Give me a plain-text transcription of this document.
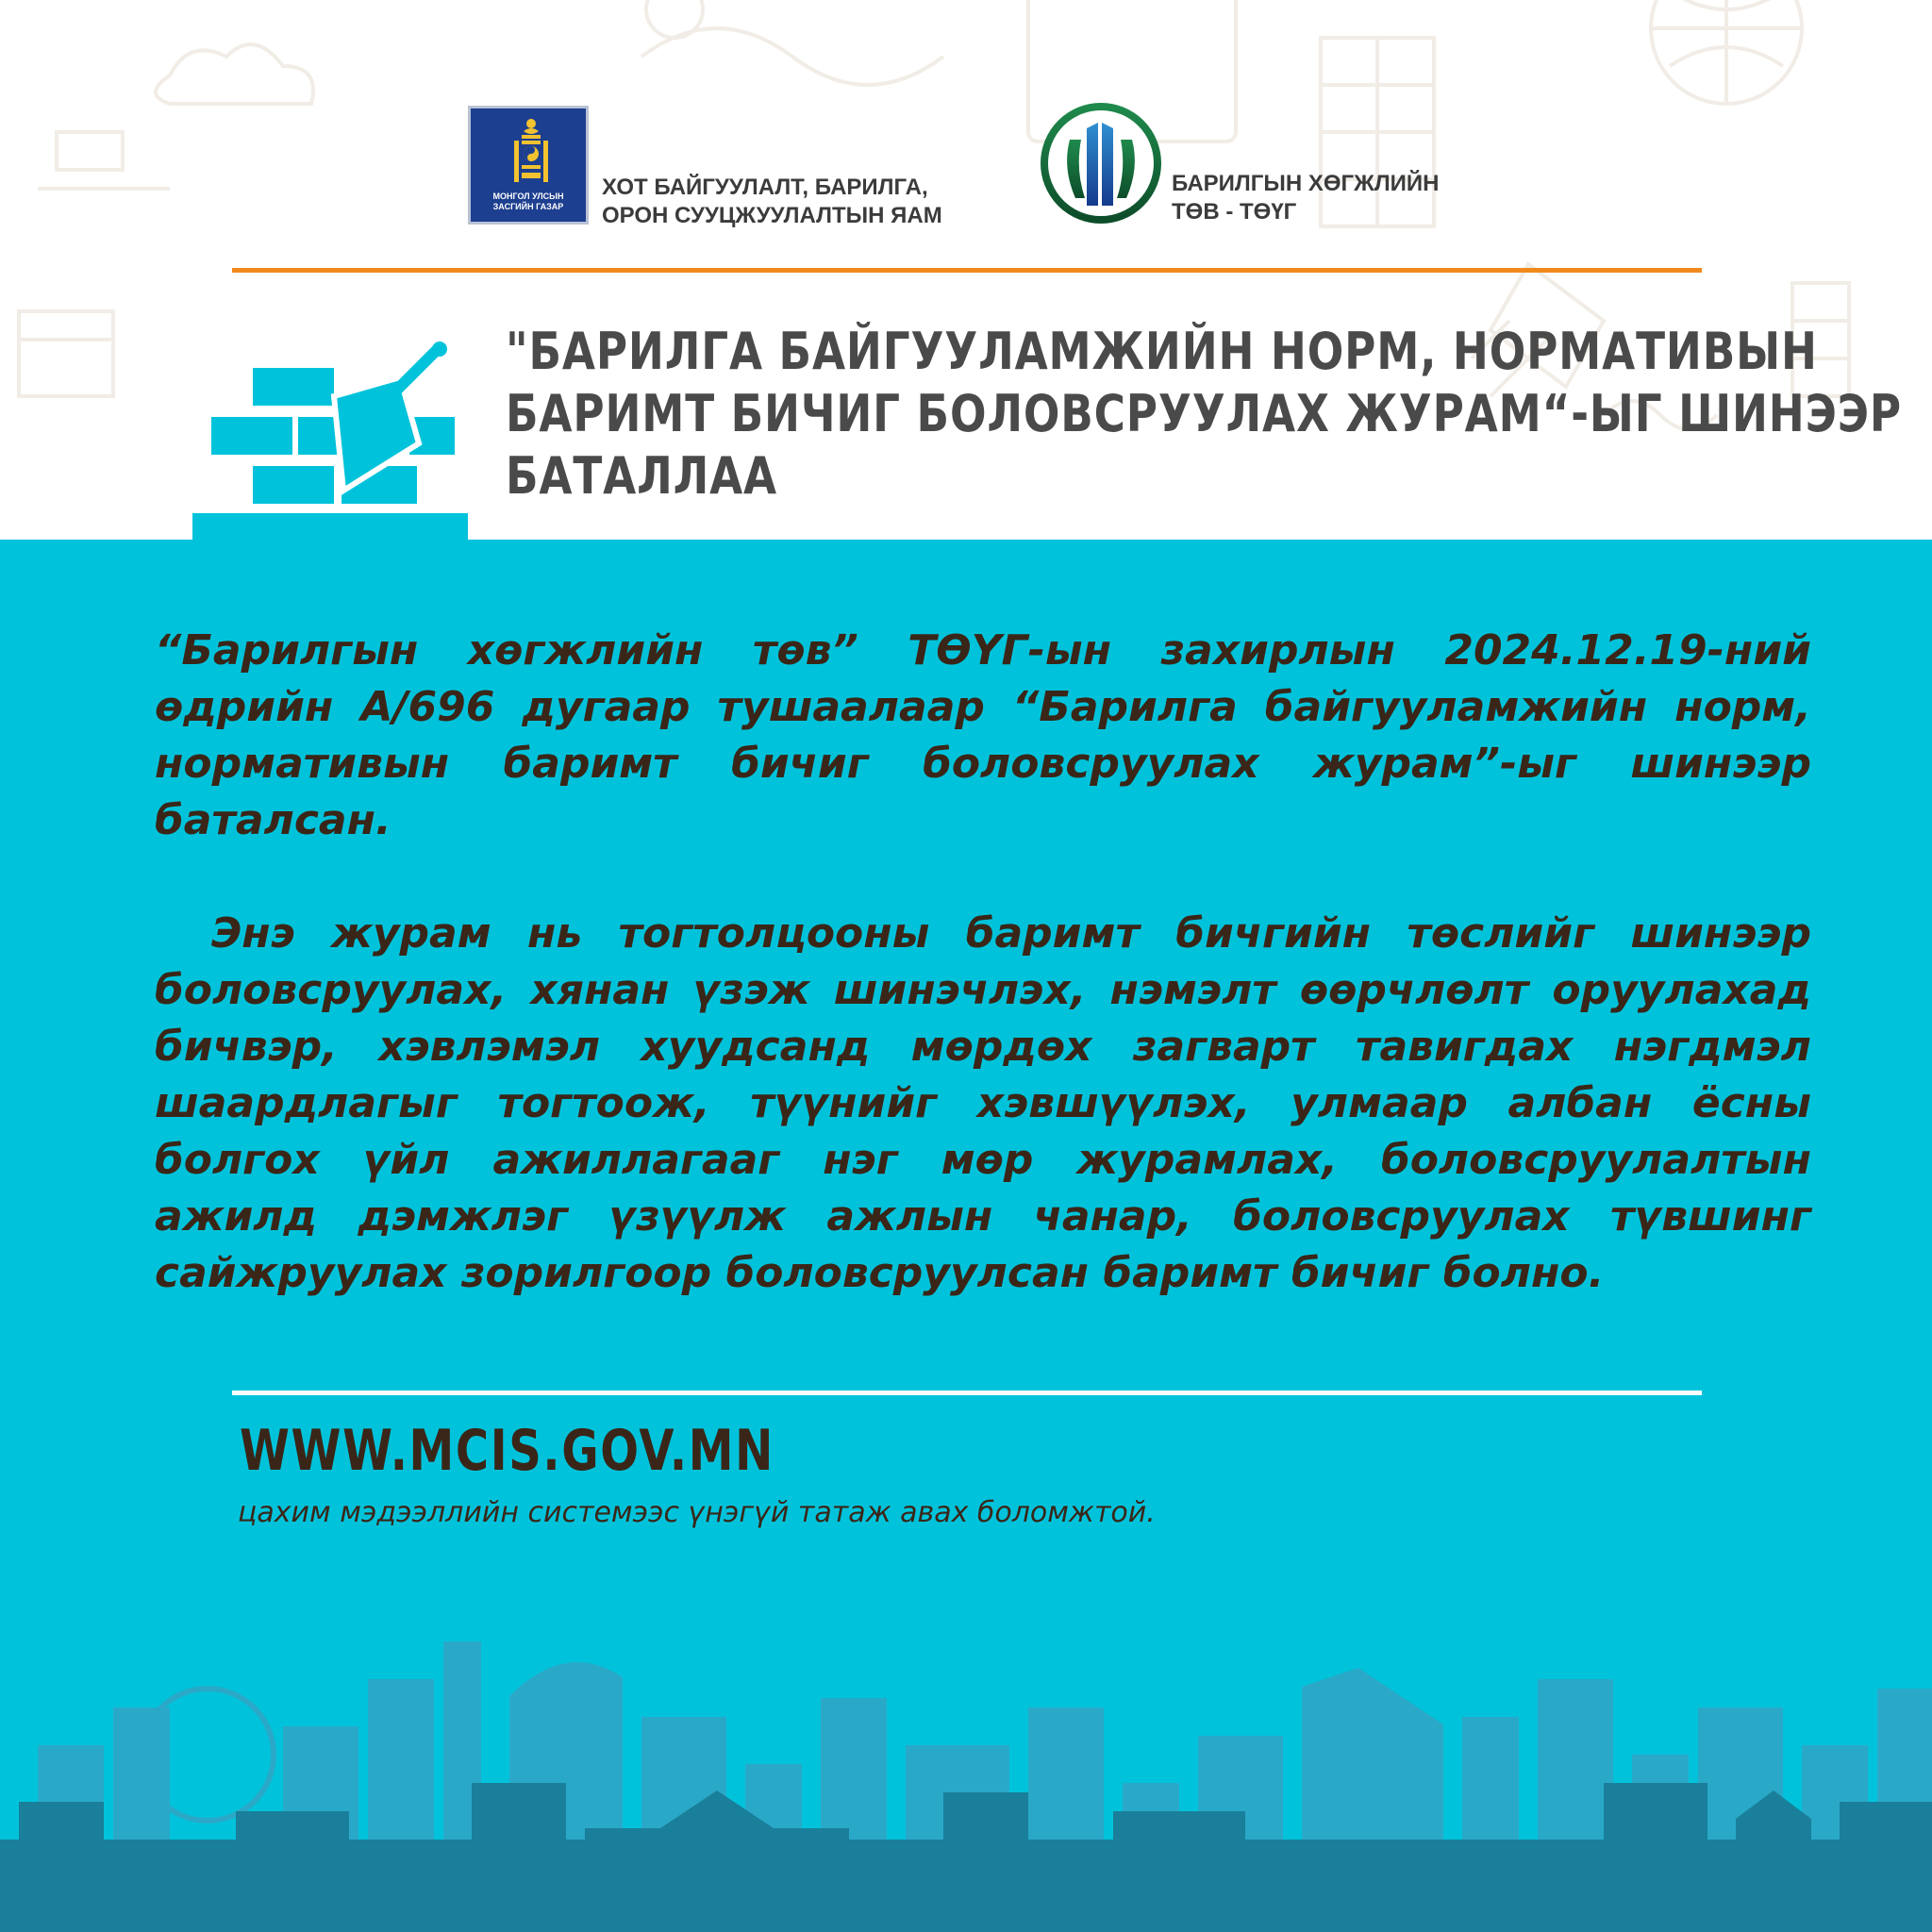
МОНГОЛ УЛСЫН
ЗАСГИЙН ГАЗАР
ХОТ БАЙГУУЛАЛТ, БАРИЛГА,
ОРОН СУУЦЖУУЛАЛТЫН ЯАМ
БАРИЛГЫН ХӨГЖЛИЙН
ТӨВ - ТӨҮГ
"БАРИЛГА БАЙГУУЛАМЖИЙН НОРМ, НОРМАТИВЫН
БАРИМТ БИЧИГ БОЛОВСРУУЛАХ ЖУРАМ“-ЫГ ШИНЭЭР
БАТАЛЛАА

“Барилгын хөгжлийн төв” ТӨҮГ-ын захирлын 2024.12.19-ний өдрийн А/696 дугаар тушаалаар “Барилга байгууламжийн норм, нормативын баримт бичиг боловсруулах журам”-ыг шинээр баталсан.

Энэ журам нь тогтолцооны баримт бичгийн төслийг шинээр боловсруулах, хянан үзэж шинэчлэх, нэмэлт өөрчлөлт оруулахад бичвэр, хэвлэмэл хуудсанд мөрдөх загварт тавигдах нэгдмэл шаардлагыг тогтоож, түүнийг хэвшүүлэх, улмаар албан ёсны болгох үйл ажиллагааг нэг мөр журамлах, боловсруулалтын ажилд дэмжлэг үзүүлж ажлын чанар, боловсруулах түвшинг сайжруулах зорилгоор боловсруулсан баримт бичиг болно.

WWW.MCIS.GOV.MN
цахим мэдээллийн системээс үнэгүй татаж авах боломжтой.
